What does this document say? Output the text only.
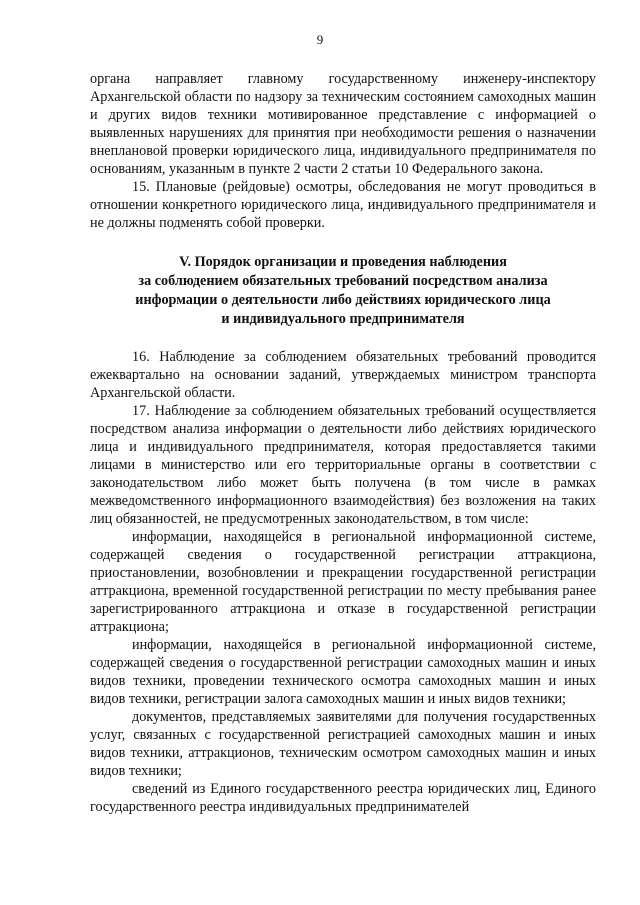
9

органа направляет главному государственному инженеру-инспектору Архангельской области по надзору за техническим состоянием самоходных машин и других видов техники мотивированное представление с информацией о выявленных нарушениях для принятия при необходимости решения о назначении внеплановой проверки юридического лица, индивидуального предпринимателя по основаниям, указанным в пункте 2 части 2 статьи 10 Федерального закона.

15. Плановые (рейдовые) осмотры, обследования не могут проводиться в отношении конкретного юридического лица, индивидуального предпринимателя и не должны подменять собой проверки.

V. Порядок организации и проведения наблюдения
за соблюдением обязательных требований посредством анализа
информации о деятельности либо действиях юридического лица
и индивидуального предпринимателя

16. Наблюдение за соблюдением обязательных требований проводится ежеквартально на основании заданий, утверждаемых министром транспорта Архангельской области.

17. Наблюдение за соблюдением обязательных требований осуществляется посредством анализа информации о деятельности либо действиях юридического лица и индивидуального предпринимателя, которая предоставляется такими лицами в министерство или его территориальные органы в соответствии с законодательством либо может быть получена (в том числе в рамках межведомственного информационного взаимодействия) без возложения на таких лиц обязанностей, не предусмотренных законодательством, в том числе:

информации, находящейся в региональной информационной системе, содержащей сведения о государственной регистрации аттракциона, приостановлении, возобновлении и прекращении государственной регистрации аттракциона, временной государственной регистрации по месту пребывания ранее зарегистрированного аттракциона и отказе в государственной регистрации аттракциона;

информации, находящейся в региональной информационной системе, содержащей сведения о государственной регистрации самоходных машин и иных видов техники, проведении технического осмотра самоходных машин и иных видов техники, регистрации залога самоходных машин и иных видов техники;

документов, представляемых заявителями для получения государственных услуг, связанных с государственной регистрацией самоходных машин и иных видов техники, аттракционов, техническим осмотром самоходных машин и иных видов техники;

сведений из Единого государственного реестра юридических лиц, Единого государственного реестра индивидуальных предпринимателей
